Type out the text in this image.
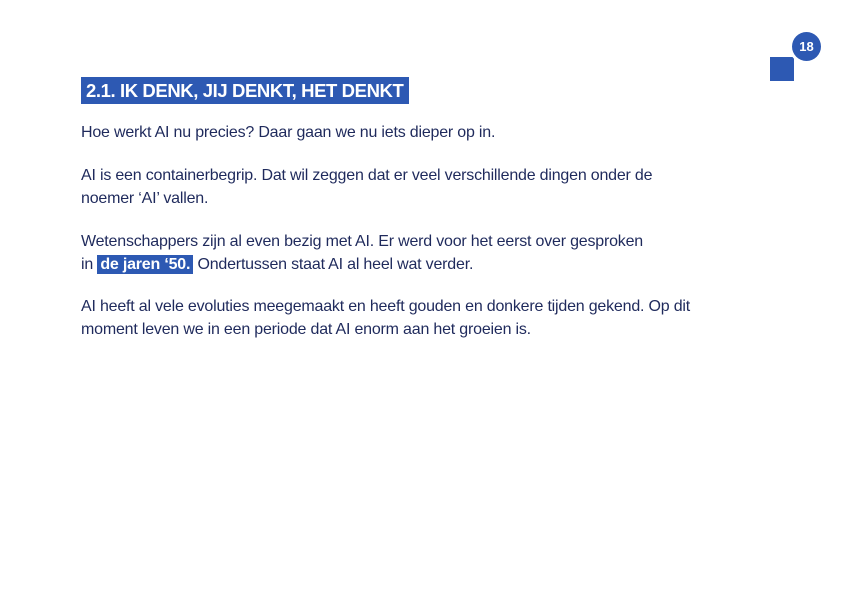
18
2.1. IK DENK, JIJ DENKT, HET DENKT

Hoe werkt AI nu precies? Daar gaan we nu iets dieper op in.

AI is een containerbegrip. Dat wil zeggen dat er veel verschillende dingen onder de
noemer ‘AI’ vallen.

Wetenschappers zijn al even bezig met AI. Er werd voor het eerst over gesproken
in de jaren ‘50. Ondertussen staat AI al heel wat verder.

AI heeft al vele evoluties meegemaakt en heeft gouden en donkere tijden gekend. Op dit
moment leven we in een periode dat AI enorm aan het groeien is.
